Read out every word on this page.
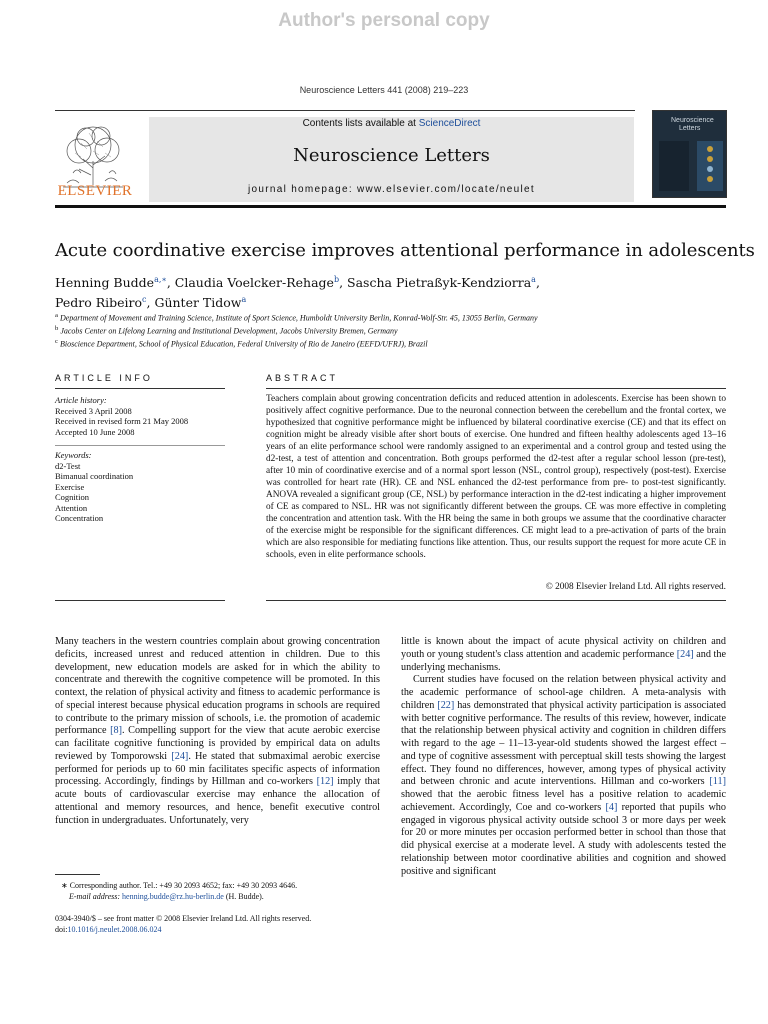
Author's personal copy
Neuroscience Letters 441 (2008) 219–223
ELSEVIER
Contents lists available at ScienceDirect
Neuroscience Letters
journal homepage: www.elsevier.com/locate/neulet
Neuroscience
Letters
Acute coordinative exercise improves attentional performance in adolescents
Henning Budde$^{a,∗}$, Claudia Voelcker-Rehage$^b$, Sascha Pietraßyk-Kendziorra$^a$,
Pedro Ribeiro$^c$, Günter Tidow$^a$
$^a$ Department of Movement and Training Science, Institute of Sport Science, Humboldt University Berlin, Konrad-Wolf-Str. 45, 13055 Berlin, Germany
$^b$ Jacobs Center on Lifelong Learning and Institutional Development, Jacobs University Bremen, Germany
$^c$ Bioscience Department, School of Physical Education, Federal University of Rio de Janeiro (EEFD/UFRJ), Brazil
ARTICLE INFO
Article history:
Received 3 April 2008
Received in revised form 21 May 2008
Accepted 10 June 2008
Keywords:
d2-Test
Bimanual coordination
Exercise
Cognition
Attention
Concentration
ABSTRACT
Teachers complain about growing concentration deficits and reduced attention in adolescents. Exercise has been shown to positively affect cognitive performance. Due to the neuronal connection between the cerebellum and the frontal cortex, we hypothesized that cognitive performance might be influenced by bilateral coordinative exercise (CE) and that its effect on cognition might be already visible after short bouts of exercise. One hundred and fifteen healthy adolescents aged 13–16 years of an elite performance school were randomly assigned to an experimental and a control group and tested using the d2-test, a test of attention and concentration. Both groups performed the d2-test after a regular school lesson (pre-test), after 10 min of coordinative exercise and of a normal sport lesson (NSL, control group), respectively (post-test). Exercise was controlled for heart rate (HR). CE and NSL enhanced the d2-test performance from pre- to post-test significantly. ANOVA revealed a significant group (CE, NSL) by performance interaction in the d2-test indicating a higher improvement of CE as compared to NSL. HR was not significantly different between the groups. CE was more effective in completing the concentration and attention task. With the HR being the same in both groups we assume that the coordinative character of the exercise might be responsible for the significant differences. CE might lead to a pre-activation of parts of the brain which are also responsible for mediating functions like attention. Thus, our results support the request for more acute CE in schools, even in elite performance schools.
© 2008 Elsevier Ireland Ltd. All rights reserved.

Many teachers in the western countries complain about growing concentration deficits, increased unrest and reduced attention in children. Due to this development, new education models are asked for in which the ability to concentrate and therewith the cognitive competence will be promoted. In this context, the relation of physical activity and fitness to academic performance is of special interest because physical education programs in schools are required to contribute to the primary mission of schools, i.e. the promotion of academic performance [8]. Compelling support for the view that acute aerobic exercise can facilitate cognitive functioning is provided by empirical data on adults reviewed by Tomporowski [24]. He stated that submaximal aerobic exercise performed for periods up to 60 min facilitates specific aspects of information processing. Accordingly, findings by Hillman and co-workers [12] imply that acute bouts of cardiovascular exercise may enhance the allocation of attentional and memory resources, and hence, benefit executive control function in undergraduates. Unfortunately, very

little is known about the impact of acute physical activity on children and youth or young student's class attention and academic performance [24] and the underlying mechanisms.

Current studies have focused on the relation between physical activity and the academic performance of school-age children. A meta-analysis with children [22] has demonstrated that physical activity participation is associated with better cognitive performance. The results of this review, however, indicate that the relationship between physical activity and cognition in children differs with regard to the age – 11–13-year-old students showed the largest effect – and type of cognitive assessment with perceptual skill tests showing the largest effect. They found no differences, however, among types of physical activity and between chronic and acute interventions. Hillman and co-workers [11] showed that the aerobic fitness level has a positive relation to academic achievement. Accordingly, Coe and co-workers [4] reported that pupils who engaged in vigorous physical activity outside school 3 or more days per week for 20 or more minutes per occasion performed better in school than those that did physical exercise at a moderate level. A study with adolescents tested the relationship between motor coordinative abilities and cognition and showed positive and significant

∗ Corresponding author. Tel.: +49 30 2093 4652; fax: +49 30 2093 4646.
E-mail address: henning.budde@rz.hu-berlin.de (H. Budde).
0304-3940/$ – see front matter © 2008 Elsevier Ireland Ltd. All rights reserved.
doi:10.1016/j.neulet.2008.06.024
